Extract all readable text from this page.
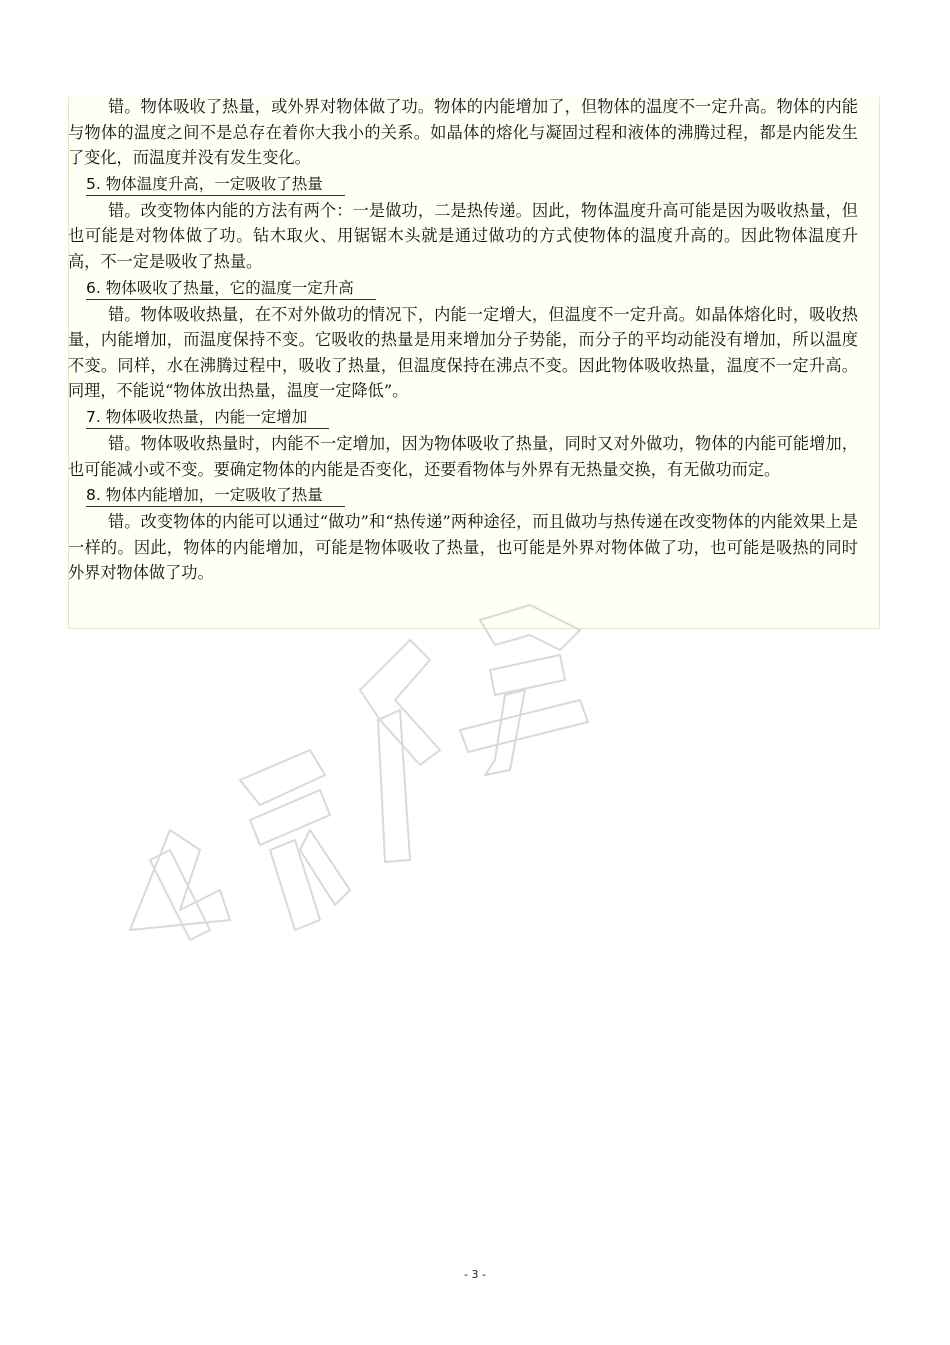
错。物体吸收了热量，或外界对物体做了功。物体的内能增加了，但物体的温度不一定升高。物体的内能与物体的温度之间不是总存在着你大我小的关系。如晶体的熔化与凝固过程和液体的沸腾过程，都是内能发生了变化，而温度并没有发生变化。

5. 物体温度升高，一定吸收了热量

错。改变物体内能的方法有两个：一是做功，二是热传递。因此，物体温度升高可能是因为吸收热量，但也可能是对物体做了功。钻木取火、用锯锯木头就是通过做功的方式使物体的温度升高的。因此物体温度升高，不一定是吸收了热量。

6. 物体吸收了热量，它的温度一定升高

错。物体吸收热量，在不对外做功的情况下，内能一定增大，但温度不一定升高。如晶体熔化时，吸收热量，内能增加，而温度保持不变。它吸收的热量是用来增加分子势能，而分子的平均动能没有增加，所以温度不变。同样，水在沸腾过程中，吸收了热量，但温度保持在沸点不变。因此物体吸收热量，温度不一定升高。同理，不能说“物体放出热量，温度一定降低”。

7. 物体吸收热量，内能一定增加

错。物体吸收热量时，内能不一定增加，因为物体吸收了热量，同时又对外做功，物体的内能可能增加，也可能减小或不变。要确定物体的内能是否变化，还要看物体与外界有无热量交换，有无做功而定。

8. 物体内能增加，一定吸收了热量

错。改变物体的内能可以通过“做功”和“热传递”两种途径，而且做功与热传递在改变物体的内能效果上是一样的。因此，物体的内能增加，可能是物体吸收了热量，也可能是外界对物体做了功，也可能是吸热的同时外界对物体做了功。

- 3 -
